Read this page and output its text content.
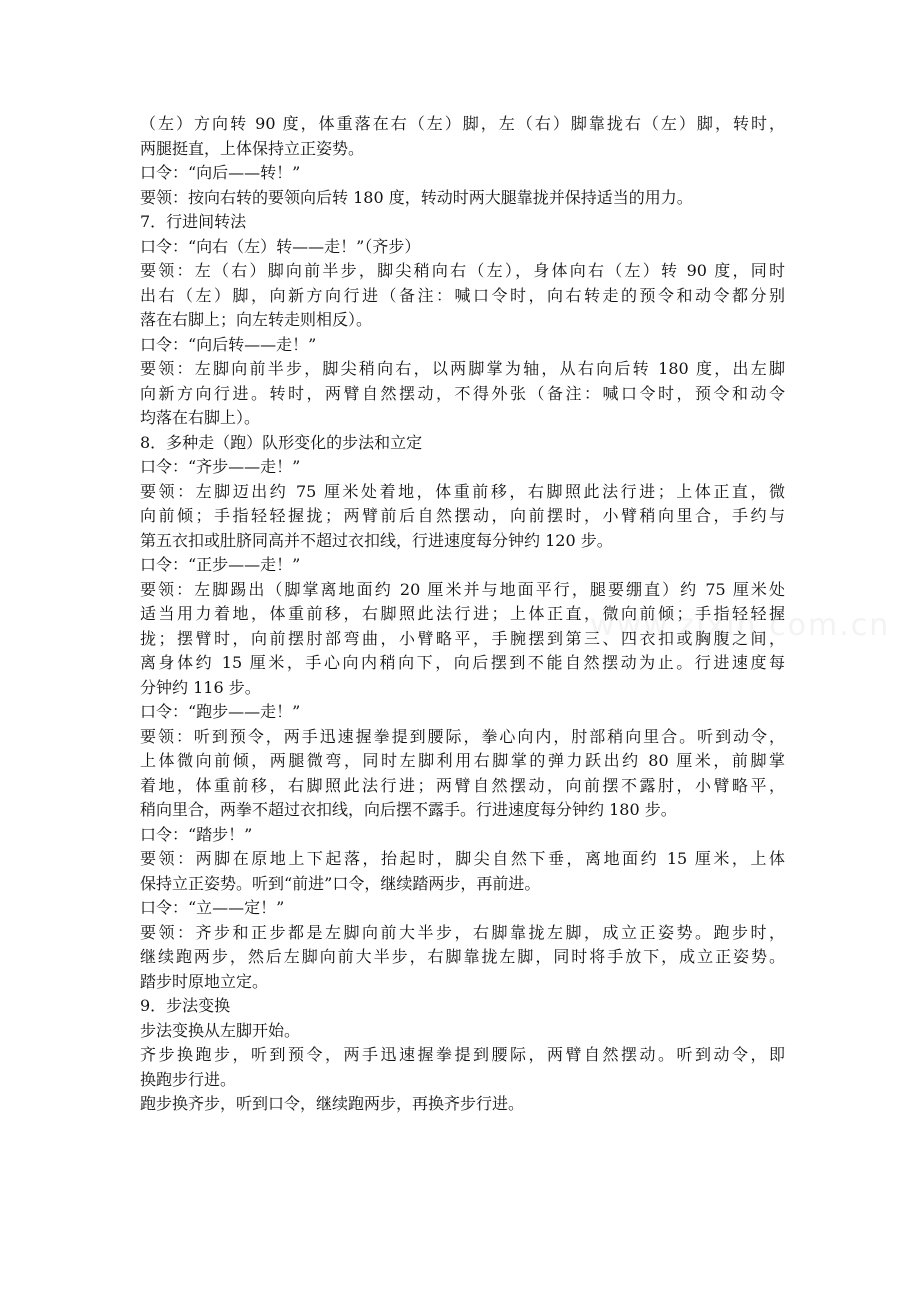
www.zixin.com.cn
（左）方向转 90 度，体重落在右（左）脚，左（右）脚靠拢右（左）脚，转时，
两腿挺直，上体保持立正姿势。
口令：“向后——转！”
要领：按向右转的要领向后转 180 度，转动时两大腿靠拢并保持适当的用力。
7．行进间转法
口令：“向右（左）转——走！”（齐步）
要领：左（右）脚向前半步，脚尖稍向右（左），身体向右（左）转 90 度，同时
出右（左）脚，向新方向行进（备注：喊口令时，向右转走的预令和动令都分别
落在右脚上；向左转走则相反）。
口令：“向后转——走！”
要领：左脚向前半步，脚尖稍向右，以两脚掌为轴，从右向后转 180 度，出左脚
向新方向行进。转时，两臂自然摆动，不得外张（备注：喊口令时，预令和动令
均落在右脚上）。
8．多种走（跑）队形变化的步法和立定
口令：“齐步——走！”
要领：左脚迈出约 75 厘米处着地，体重前移，右脚照此法行进；上体正直，微
向前倾；手指轻轻握拢；两臂前后自然摆动，向前摆时，小臂稍向里合，手约与
第五衣扣或肚脐同高并不超过衣扣线，行进速度每分钟约 120 步。
口令：“正步——走！”
要领：左脚踢出（脚掌离地面约 20 厘米并与地面平行，腿要绷直）约 75 厘米处
适当用力着地，体重前移，右脚照此法行进；上体正直，微向前倾；手指轻轻握
拢；摆臂时，向前摆肘部弯曲，小臂略平，手腕摆到第三、四衣扣或胸腹之间，
离身体约 15 厘米，手心向内稍向下，向后摆到不能自然摆动为止。行进速度每
分钟约 116 步。
口令：“跑步——走！”
要领：听到预令，两手迅速握拳提到腰际，拳心向内，肘部稍向里合。听到动令，
上体微向前倾，两腿微弯，同时左脚利用右脚掌的弹力跃出约 80 厘米，前脚掌
着地，体重前移，右脚照此法行进；两臂自然摆动，向前摆不露肘，小臂略平，
稍向里合，两拳不超过衣扣线，向后摆不露手。行进速度每分钟约 180 步。
口令：“踏步！”
要领：两脚在原地上下起落，抬起时，脚尖自然下垂，离地面约 15 厘米，上体
保持立正姿势。听到“前进”口令，继续踏两步，再前进。
口令：“立——定！”
要领：齐步和正步都是左脚向前大半步，右脚靠拢左脚，成立正姿势。跑步时，
继续跑两步，然后左脚向前大半步，右脚靠拢左脚，同时将手放下，成立正姿势。
踏步时原地立定。
9．步法变换
步法变换从左脚开始。
齐步换跑步，听到预令，两手迅速握拳提到腰际，两臂自然摆动。听到动令，即
换跑步行进。
跑步换齐步，听到口令，继续跑两步，再换齐步行进。
